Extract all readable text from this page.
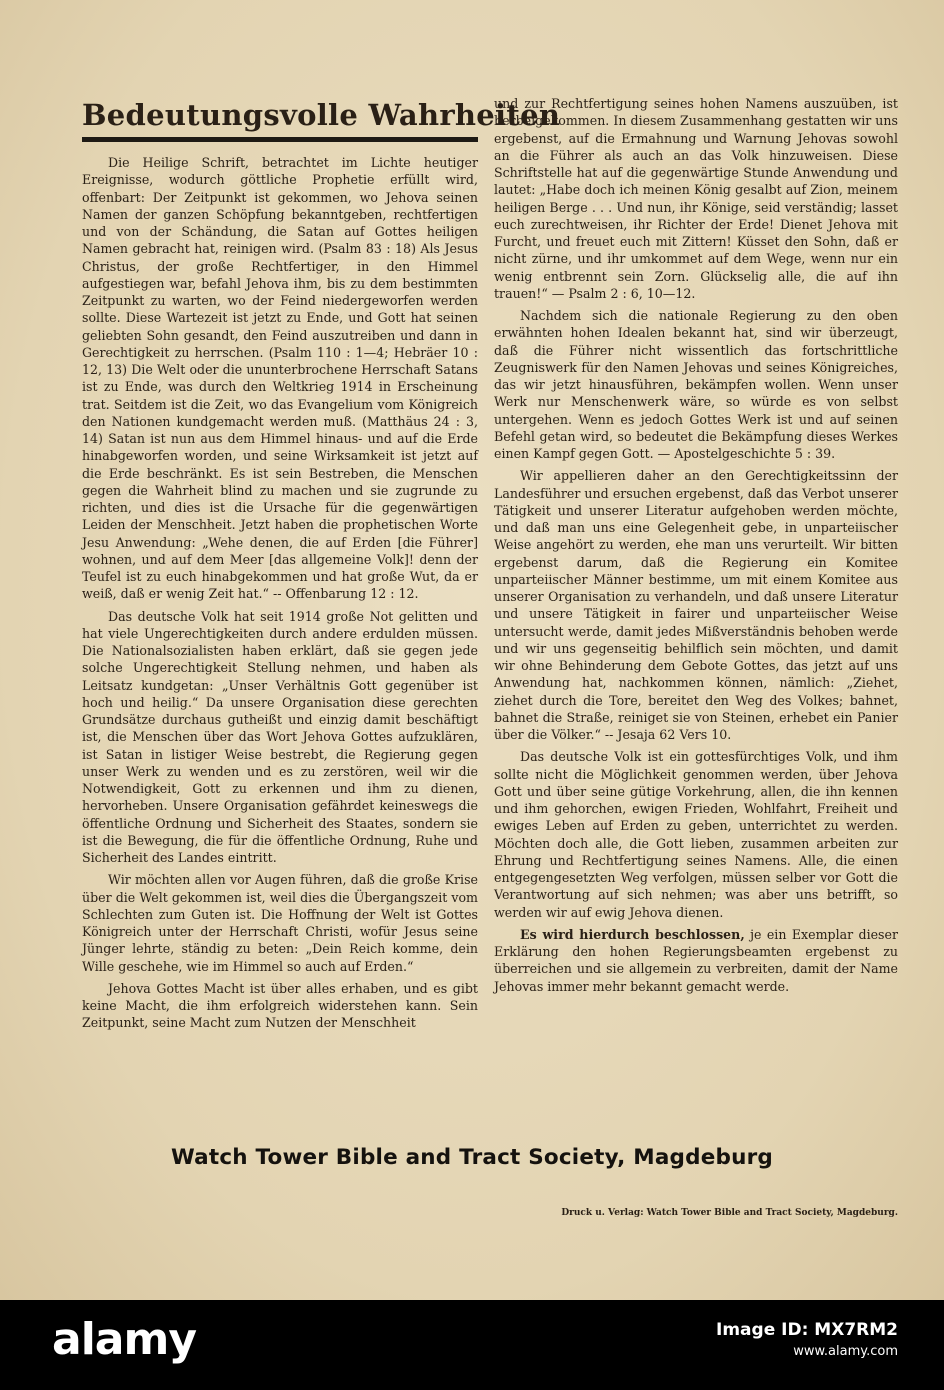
Bedeutungsvolle Wahrheiten

Die Heilige Schrift, betrachtet im Lichte heutiger Ereignisse, wodurch göttliche Prophetie erfüllt wird, offenbart: Der Zeitpunkt ist gekommen, wo Jehova seinen Namen der ganzen Schöpfung bekanntgeben, rechtfertigen und von der Schändung, die Satan auf Gottes heiligen Namen gebracht hat, reinigen wird. (Psalm 83 : 18) Als Jesus Christus, der große Rechtfertiger, in den Himmel aufgestiegen war, befahl Jehova ihm, bis zu dem bestimmten Zeitpunkt zu warten, wo der Feind niedergeworfen werden sollte. Diese Wartezeit ist jetzt zu Ende, und Gott hat seinen geliebten Sohn gesandt, den Feind auszutreiben und dann in Gerechtigkeit zu herrschen. (Psalm 110 : 1—4; Hebräer 10 : 12, 13) Die Welt oder die ununterbrochene Herrschaft Satans ist zu Ende, was durch den Weltkrieg 1914 in Erscheinung trat. Seitdem ist die Zeit, wo das Evangelium vom Königreich den Nationen kundgemacht werden muß. (Matthäus 24 : 3, 14) Satan ist nun aus dem Himmel hinaus- und auf die Erde hinabgeworfen worden, und seine Wirksamkeit ist jetzt auf die Erde beschränkt. Es ist sein Bestreben, die Menschen gegen die Wahrheit blind zu machen und sie zugrunde zu richten, und dies ist die Ursache für die gegenwärtigen Leiden der Menschheit. Jetzt haben die prophetischen Worte Jesu Anwendung: „Wehe denen, die auf Erden [die Führer] wohnen, und auf dem Meer [das allgemeine Volk]! denn der Teufel ist zu euch hinabgekommen und hat große Wut, da er weiß, daß er wenig Zeit hat.“ -- Offenbarung 12 : 12.

Das deutsche Volk hat seit 1914 große Not gelitten und hat viele Ungerechtigkeiten durch andere erdulden müssen. Die Nationalsozialisten haben erklärt, daß sie gegen jede solche Ungerechtigkeit Stellung nehmen, und haben als Leitsatz kundgetan: „Unser Verhältnis Gott gegenüber ist hoch und heilig.“ Da unsere Organisation diese gerechten Grundsätze durchaus gutheißt und einzig damit beschäftigt ist, die Menschen über das Wort Jehova Gottes aufzuklären, ist Satan in listiger Weise bestrebt, die Regierung gegen unser Werk zu wenden und es zu zerstören, weil wir die Notwendigkeit, Gott zu erkennen und ihm zu dienen, hervorheben. Unsere Organisation gefährdet keineswegs die öffentliche Ordnung und Sicherheit des Staates, sondern sie ist die Bewegung, die für die öffentliche Ordnung, Ruhe und Sicherheit des Landes eintritt.

Wir möchten allen vor Augen führen, daß die große Krise über die Welt gekommen ist, weil dies die Übergangszeit vom Schlechten zum Guten ist. Die Hoffnung der Welt ist Gottes Königreich unter der Herrschaft Christi, wofür Jesus seine Jünger lehrte, ständig zu beten: „Dein Reich komme, dein Wille geschehe, wie im Himmel so auch auf Erden.“

Jehova Gottes Macht ist über alles erhaben, und es gibt keine Macht, die ihm erfolgreich widerstehen kann. Sein Zeitpunkt, seine Macht zum Nutzen der Menschheit

und zur Rechtfertigung seines hohen Namens auszuüben, ist herbeigekommen. In diesem Zusammenhang gestatten wir uns ergebenst, auf die Ermahnung und Warnung Jehovas sowohl an die Führer als auch an das Volk hinzuweisen. Diese Schriftstelle hat auf die gegenwärtige Stunde Anwendung und lautet: „Habe doch ich meinen König gesalbt auf Zion, meinem heiligen Berge . . . Und nun, ihr Könige, seid verständig; lasset euch zurechtweisen, ihr Richter der Erde! Dienet Jehova mit Furcht, und freuet euch mit Zittern! Küsset den Sohn, daß er nicht zürne, und ihr umkommet auf dem Wege, wenn nur ein wenig entbrennt sein Zorn. Glückselig alle, die auf ihn trauen!“ — Psalm 2 : 6, 10—12.

Nachdem sich die nationale Regierung zu den oben erwähnten hohen Idealen bekannt hat, sind wir überzeugt, daß die Führer nicht wissentlich das fortschrittliche Zeugniswerk für den Namen Jehovas und seines Königreiches, das wir jetzt hinausführen, bekämpfen wollen. Wenn unser Werk nur Menschenwerk wäre, so würde es von selbst untergehen. Wenn es jedoch Gottes Werk ist und auf seinen Befehl getan wird, so bedeutet die Bekämpfung dieses Werkes einen Kampf gegen Gott. — Apostelgeschichte 5 : 39.

Wir appellieren daher an den Gerechtigkeitssinn der Landesführer und ersuchen ergebenst, daß das Verbot unserer Tätigkeit und unserer Literatur aufgehoben werden möchte, und daß man uns eine Gelegenheit gebe, in unparteiischer Weise angehört zu werden, ehe man uns verurteilt. Wir bitten ergebenst darum, daß die Regierung ein Komitee unparteiischer Männer bestimme, um mit einem Komitee aus unserer Organisation zu verhandeln, und daß unsere Literatur und unsere Tätigkeit in fairer und unparteiischer Weise untersucht werde, damit jedes Mißverständnis behoben werde und wir uns gegenseitig behilflich sein möchten, und damit wir ohne Behinderung dem Gebote Gottes, das jetzt auf uns Anwendung hat, nachkommen können, nämlich: „Ziehet, ziehet durch die Tore, bereitet den Weg des Volkes; bahnet, bahnet die Straße, reiniget sie von Steinen, erhebet ein Panier über die Völker.“ -- Jesaja 62 Vers 10.

Das deutsche Volk ist ein gottesfürchtiges Volk, und ihm sollte nicht die Möglichkeit genommen werden, über Jehova Gott und über seine gütige Vorkehrung, allen, die ihn kennen und ihm gehorchen, ewigen Frieden, Wohlfahrt, Freiheit und ewiges Leben auf Erden zu geben, unterrichtet zu werden. Möchten doch alle, die Gott lieben, zusammen arbeiten zur Ehrung und Rechtfertigung seines Namens. Alle, die einen entgegengesetzten Weg verfolgen, müssen selber vor Gott die Verantwortung auf sich nehmen; was aber uns betrifft, so werden wir auf ewig Jehova dienen.

Es wird hierdurch beschlossen, je ein Exemplar dieser Erklärung den hohen Regierungsbeamten ergebenst zu überreichen und sie allgemein zu verbreiten, damit der Name Jehovas immer mehr bekannt gemacht werde.

Watch Tower Bible and Tract Society, Magdeburg
Druck u. Verlag: Watch Tower Bible and Tract Society, Magdeburg.
alamy	Image ID: MX7RM2
www.alamy.com
